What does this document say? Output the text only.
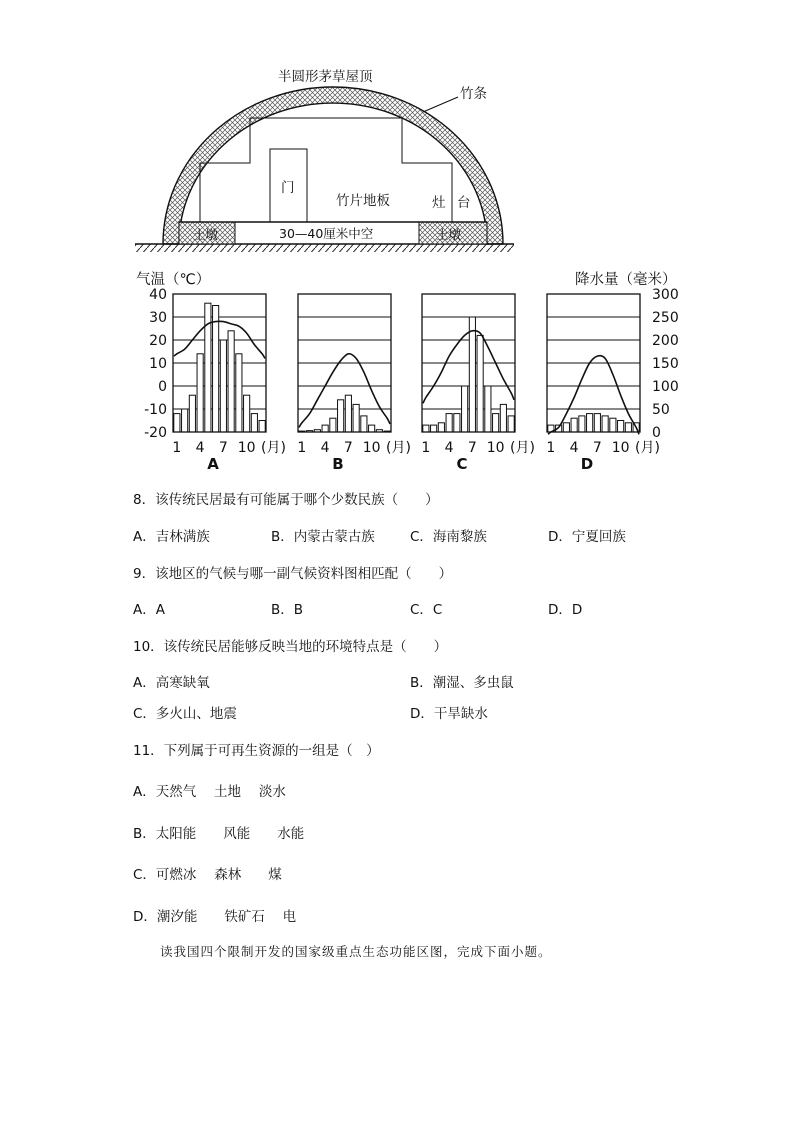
半圆形茅草屋顶
竹条
门
竹片地板	灶 台
土墩	土墩
30—40厘米中空
气温（℃）	降水量（毫米）
40
30
20
10
0
-10
-20
300
250
200
150
100
50
0
1 4 7 10 (月)
A
1 4 7 10 (月)
B
1 4 7 10 (月)
C
1 4 7 10 (月)
D
8．该传统民居最有可能属于哪个少数民族（　　）
A．吉林满族	B．内蒙古蒙古族	C．海南黎族	D．宁夏回族
9．该地区的气候与哪一副气候资料图相匹配（　　）
A．A	B．B	C．C	D．D
10．该传统民居能够反映当地的环境特点是（　　）
A．高寒缺氧	B．潮湿、多虫鼠
C．多火山、地震	D．干旱缺水
11．下列属于可再生资源的一组是（　）
A．天然气　 土地　 淡水
B．太阳能　　风能　　水能
C．可燃冰　 森林　　煤
D．潮汐能　　铁矿石　 电
读我国四个限制开发的国家级重点生态功能区图，完成下面小题。
